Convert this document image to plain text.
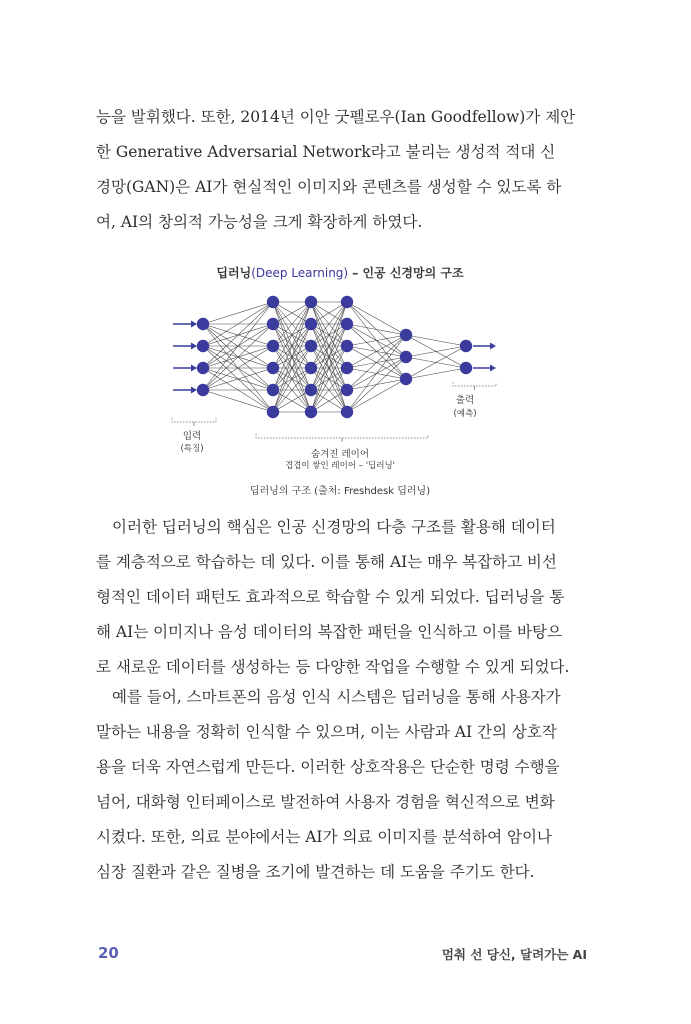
능을 발휘했다. 또한, 2014년 이안 굿펠로우(Ian Goodfellow)가 제안
한 Generative Adversarial Network라고 불리는 생성적 적대 신
경망(GAN)은 AI가 현실적인 이미지와 콘텐츠를 생성할 수 있도록 하
여, AI의 창의적 가능성을 크게 확장하게 하였다.
딥러닝(Deep Learning) – 인공 신경망의 구조
입력
(특징)
출력
(예측)
숨겨진 레이어
겹겹이 쌓인 레이어 – '딥러닝'
딥러닝의 구조 (출처: Freshdesk 딥러닝)
이러한 딥러닝의 핵심은 인공 신경망의 다층 구조를 활용해 데이터
를 계층적으로 학습하는 데 있다. 이를 통해 AI는 매우 복잡하고 비선
형적인 데이터 패턴도 효과적으로 학습할 수 있게 되었다. 딥러닝을 통
해 AI는 이미지나 음성 데이터의 복잡한 패턴을 인식하고 이를 바탕으
로 새로운 데이터를 생성하는 등 다양한 작업을 수행할 수 있게 되었다.
예를 들어, 스마트폰의 음성 인식 시스템은 딥러닝을 통해 사용자가
말하는 내용을 정확히 인식할 수 있으며, 이는 사람과 AI 간의 상호작
용을 더욱 자연스럽게 만든다. 이러한 상호작용은 단순한 명령 수행을
넘어, 대화형 인터페이스로 발전하여 사용자 경험을 혁신적으로 변화
시켰다. 또한, 의료 분야에서는 AI가 의료 이미지를 분석하여 암이나
심장 질환과 같은 질병을 조기에 발견하는 데 도움을 주기도 한다.
20	멈춰 선 당신, 달려가는 AI
